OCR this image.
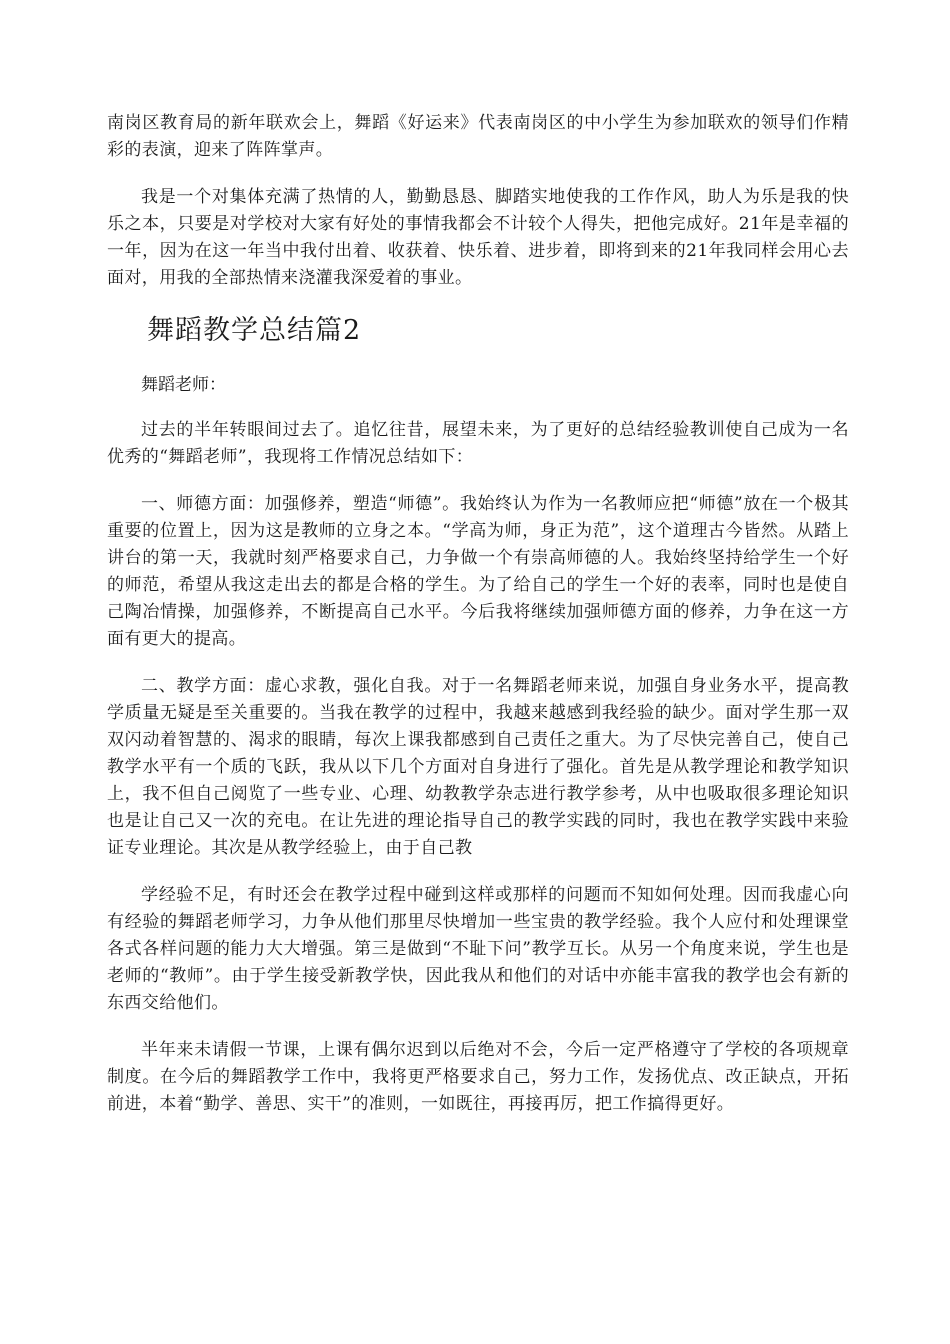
南岗区教育局的新年联欢会上，舞蹈《好运来》代表南岗区的中小学生为参加联欢的领导们作精彩的表演，迎来了阵阵掌声。

我是一个对集体充满了热情的人，勤勤恳恳、脚踏实地使我的工作作风，助人为乐是我的快乐之本，只要是对学校对大家有好处的事情我都会不计较个人得失，把他完成好。21年是幸福的一年，因为在这一年当中我付出着、收获着、快乐着、进步着，即将到来的21年我同样会用心去面对，用我的全部热情来浇灌我深爱着的事业。

舞蹈教学总结篇2

舞蹈老师：

过去的半年转眼间过去了。追忆往昔，展望未来，为了更好的总结经验教训使自己成为一名优秀的“舞蹈老师”，我现将工作情况总结如下：

一、师德方面：加强修养，塑造“师德”。我始终认为作为一名教师应把“师德”放在一个极其重要的位置上，因为这是教师的立身之本。“学高为师，身正为范”，这个道理古今皆然。从踏上讲台的第一天，我就时刻严格要求自己，力争做一个有崇高师德的人。我始终坚持给学生一个好的师范，希望从我这走出去的都是合格的学生。为了给自己的学生一个好的表率，同时也是使自己陶冶情操，加强修养，不断提高自己水平。今后我将继续加强师德方面的修养，力争在这一方面有更大的提高。

二、教学方面：虚心求教，强化自我。对于一名舞蹈老师来说，加强自身业务水平，提高教学质量无疑是至关重要的。当我在教学的过程中，我越来越感到我经验的缺少。面对学生那一双双闪动着智慧的、渴求的眼睛，每次上课我都感到自己责任之重大。为了尽快完善自己，使自己教学水平有一个质的飞跃，我从以下几个方面对自身进行了强化。首先是从教学理论和教学知识上，我不但自己阅览了一些专业、心理、幼教教学杂志进行教学参考，从中也吸取很多理论知识也是让自己又一次的充电。在让先进的理论指导自己的教学实践的同时，我也在教学实践中来验证专业理论。其次是从教学经验上，由于自己教

学经验不足，有时还会在教学过程中碰到这样或那样的问题而不知如何处理。因而我虚心向有经验的舞蹈老师学习，力争从他们那里尽快增加一些宝贵的教学经验。我个人应付和处理课堂各式各样问题的能力大大增强。第三是做到“不耻下问”教学互长。从另一个角度来说，学生也是老师的“教师”。由于学生接受新教学快，因此我从和他们的对话中亦能丰富我的教学也会有新的东西交给他们。

半年来未请假一节课，上课有偶尔迟到以后绝对不会，今后一定严格遵守了学校的各项规章制度。在今后的舞蹈教学工作中，我将更严格要求自己，努力工作，发扬优点、改正缺点，开拓前进，本着“勤学、善思、实干”的准则，一如既往，再接再厉，把工作搞得更好。
